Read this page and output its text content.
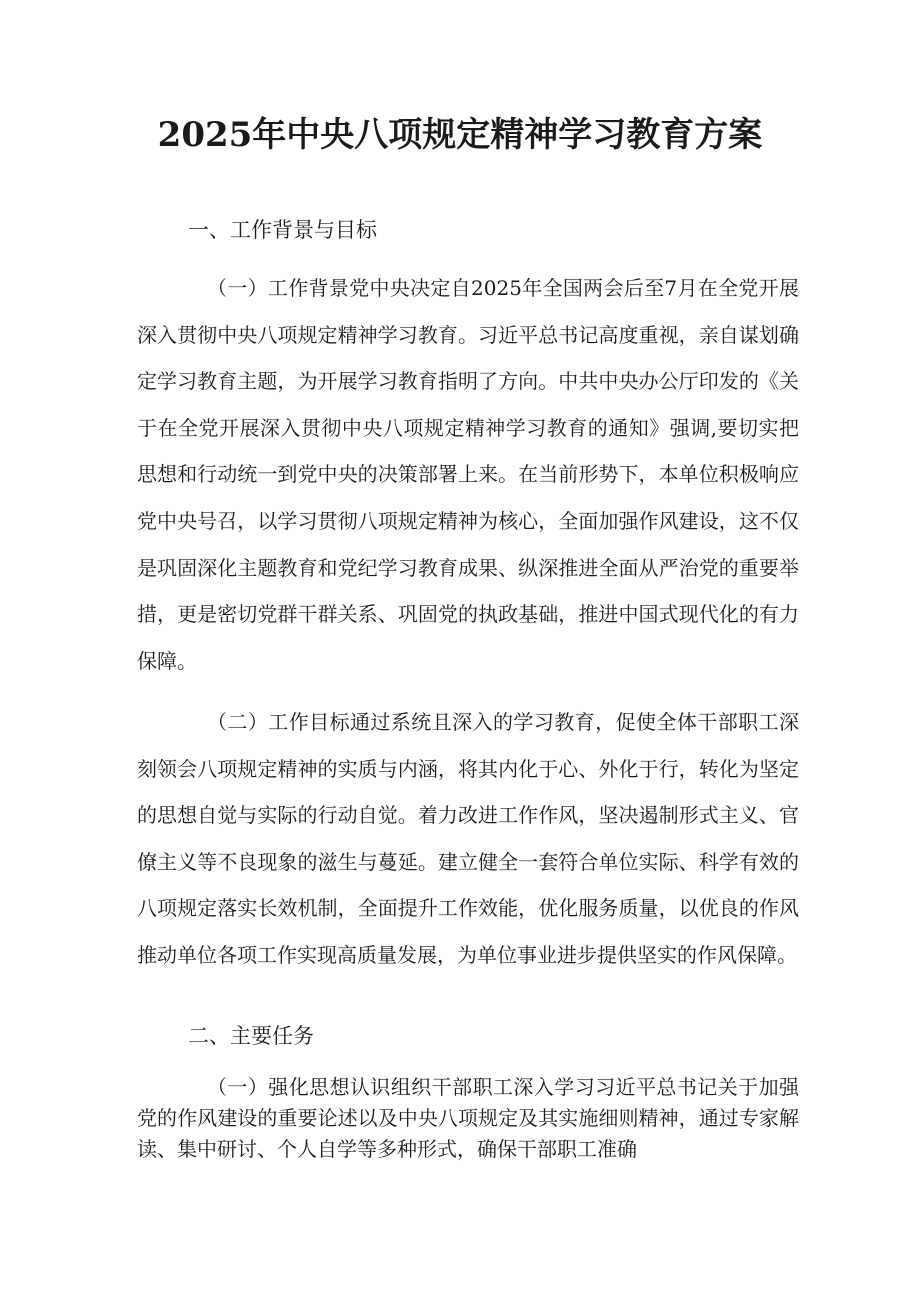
2025年中央八项规定精神学习教育方案

一、工作背景与目标

（一）工作背景党中央决定自2025年全国两会后至7月在全党开展深入贯彻中央八项规定精神学习教育。习近平总书记高度重视，亲自谋划确定学习教育主题，为开展学习教育指明了方向。中共中央办公厅印发的《关于在全党开展深入贯彻中央八项规定精神学习教育的通知》强调,要切实把思想和行动统一到党中央的决策部署上来。在当前形势下，本单位积极响应党中央号召，以学习贯彻八项规定精神为核心，全面加强作风建设，这不仅是巩固深化主题教育和党纪学习教育成果、纵深推进全面从严治党的重要举措，更是密切党群干群关系、巩固党的执政基础，推进中国式现代化的有力保障。

（二）工作目标通过系统且深入的学习教育，促使全体干部职工深刻领会八项规定精神的实质与内涵，将其内化于心、外化于行，转化为坚定的思想自觉与实际的行动自觉。着力改进工作作风，坚决遏制形式主义、官僚主义等不良现象的滋生与蔓延。建立健全一套符合单位实际、科学有效的八项规定落实长效机制，全面提升工作效能，优化服务质量，以优良的作风推动单位各项工作实现高质量发展，为单位事业进步提供坚实的作风保障。

二、主要任务

（一）强化思想认识组织干部职工深入学习习近平总书记关于加强党的作风建设的重要论述以及中央八项规定及其实施细则精神，通过专家解读、集中研讨、个人自学等多种形式，确保干部职工准确
